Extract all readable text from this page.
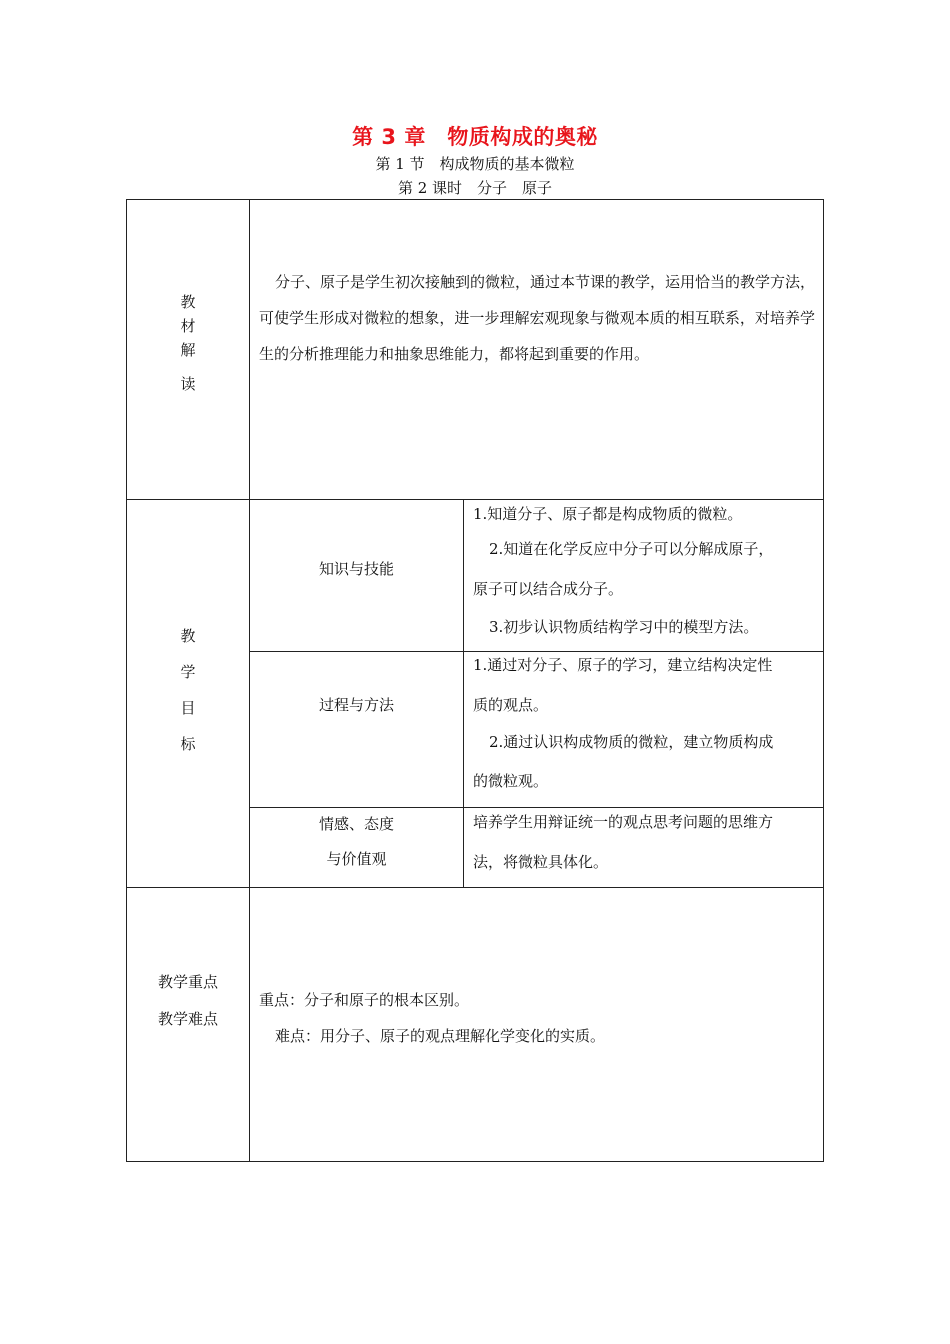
第 3 章　物质构成的奥秘
第 1 节　构成物质的基本微粒
第 2 课时　分子　原子
教
材
解
读
分子、原子是学生初次接触到的微粒，通过本节课的教学，运用恰当的教学方法，可使学生形成对微粒的想象，进一步理解宏观现象与微观本质的相互联系，对培养学生的分析推理能力和抽象思维能力，都将起到重要的作用。
教
学
目
标
知识与技能
1.知道分子、原子都是构成物质的微粒。
2.知道在化学反应中分子可以分解成原子，
原子可以结合成分子。
3.初步认识物质结构学习中的模型方法。
过程与方法
1.通过对分子、原子的学习，建立结构决定性
质的观点。
2.通过认识构成物质的微粒，建立物质构成
的微粒观。
情感、态度
与价值观
培养学生用辩证统一的观点思考问题的思维方
法，将微粒具体化。
教学重点
教学难点
重点：分子和原子的根本区别。
难点：用分子、原子的观点理解化学变化的实质。
